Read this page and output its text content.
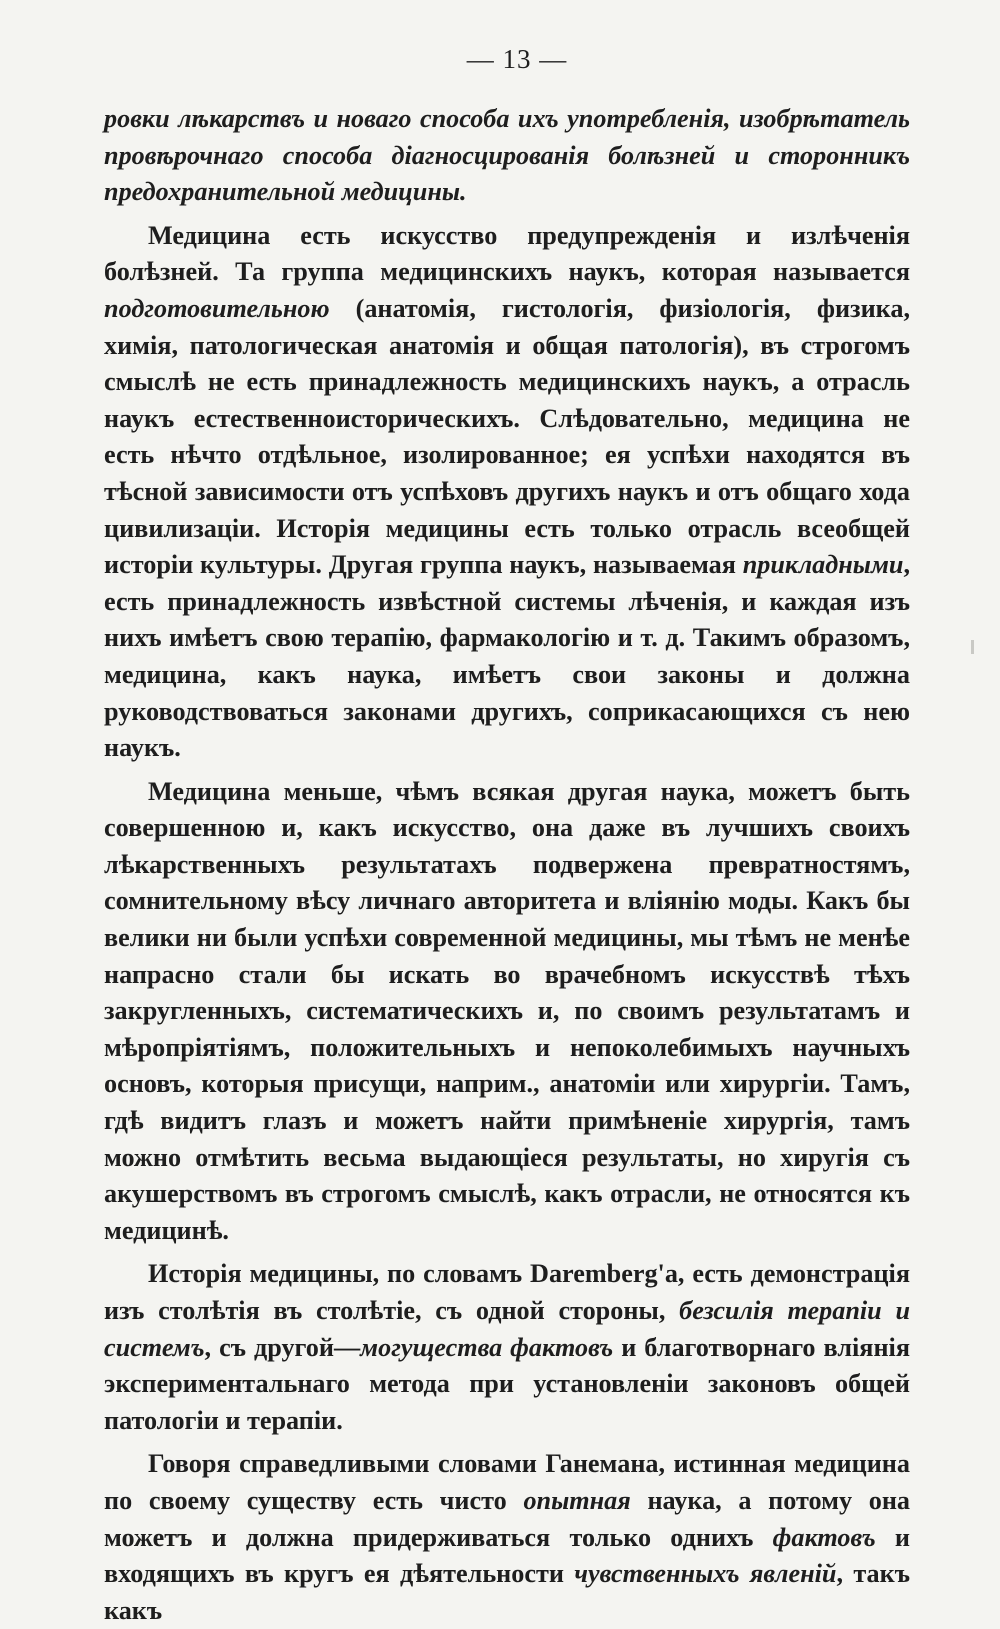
— 13 —

ровки лѣкарствъ и новаго способа ихъ употребленія, изобрѣтатель провѣрочнаго способа діагносцированія болѣзней и сторонникъ предохранительной медицины.

Медицина есть искусство предупрежденія и излѣченія болѣзней. Та группа медицинскихъ наукъ, которая называется подготовительною (анатомія, гистологія, физіологія, физика, химія, патологическая анатомія и общая патологія), въ строгомъ смыслѣ не есть принадлежность медицинскихъ наукъ, а отрасль наукъ естественноисторическихъ. Слѣдовательно, медицина не есть нѣчто отдѣльное, изолированное; ея успѣхи находятся въ тѣсной зависимости отъ успѣховъ другихъ наукъ и отъ общаго хода цивилизаціи. Исторія медицины есть только отрасль всеобщей исторіи культуры. Другая группа наукъ, называемая прикладными, есть принадлежность извѣстной системы лѣченія, и каждая изъ нихъ имѣетъ свою терапію, фармакологію и т. д. Такимъ образомъ, медицина, какъ наука, имѣетъ свои законы и должна руководствоваться законами другихъ, соприкасающихся съ нею наукъ.

Медицина меньше, чѣмъ всякая другая наука, можетъ быть совершенною и, какъ искусство, она даже въ лучшихъ своихъ лѣкарственныхъ результатахъ подвержена превратностямъ, сомнительному вѣсу личнаго авторитета и вліянію моды. Какъ бы велики ни были успѣхи современной медицины, мы тѣмъ не менѣе напрасно стали бы искать во врачебномъ искусствѣ тѣхъ закругленныхъ, систематическихъ и, по своимъ результатамъ и мѣропріятіямъ, положительныхъ и непоколебимыхъ научныхъ основъ, которыя присущи, наприм., анатоміи или хирургіи. Тамъ, гдѣ видитъ глазъ и можетъ найти примѣненіе хирургія, тамъ можно отмѣтить весьма выдающіеся результаты, но хиругія съ акушерствомъ въ строгомъ смыслѣ, какъ отрасли, не относятся къ медицинѣ.

Исторія медицины, по словамъ Daremberg'a, есть демонстрація изъ столѣтія въ столѣтіе, съ одной стороны, безсилія терапіи и системъ, съ другой—могущества фактовъ и благотворнаго вліянія экспериментальнаго метода при установленіи законовъ общей патологіи и терапіи.

Говоря справедливыми словами Ганемана, истинная медицина по своему существу есть чисто опытная наука, а потому она можетъ и должна придерживаться только однихъ фактовъ и входящихъ въ кругъ ея дѣятельности чувственныхъ явленій, такъ какъ
